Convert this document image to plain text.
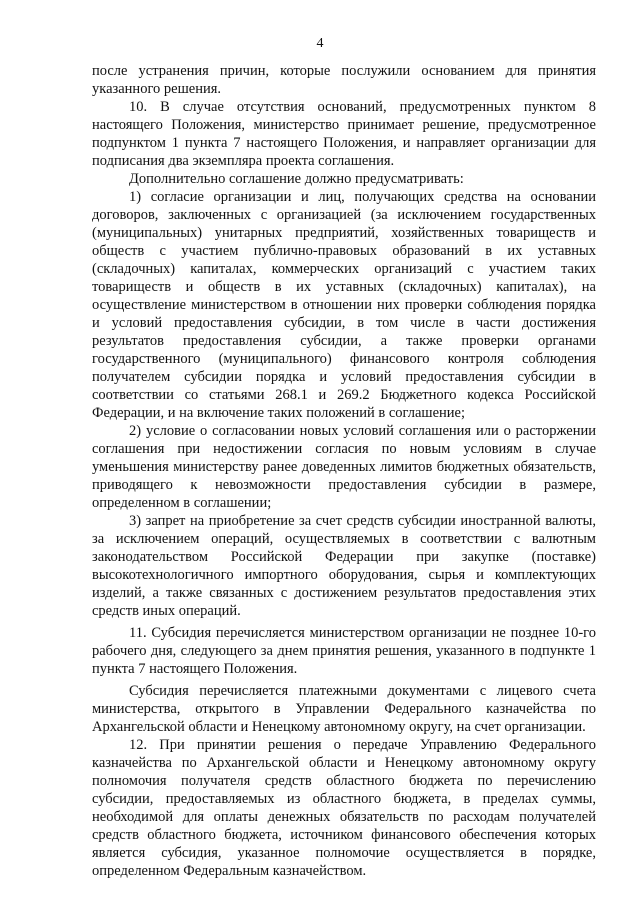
4

после устранения причин, которые послужили основанием для принятия указанного решения.

10. В случае отсутствия оснований, предусмотренных пунктом 8 настоящего Положения, министерство принимает решение, предусмотренное подпунктом 1 пункта 7 настоящего Положения, и направляет организации для подписания два экземпляра проекта соглашения.

Дополнительно соглашение должно предусматривать:

1) согласие организации и лиц, получающих средства на основании договоров, заключенных с организацией (за исключением государственных (муниципальных) унитарных предприятий, хозяйственных товариществ и обществ с участием публично-правовых образований в их уставных (складочных) капиталах, коммерческих организаций с участием таких товариществ и обществ в их уставных (складочных) капиталах), на осуществление министерством в отношении них проверки соблюдения порядка и условий предоставления субсидии, в том числе в части достижения результатов предоставления субсидии, а также проверки органами государственного (муниципального) финансового контроля соблюдения получателем субсидии порядка и условий предоставления субсидии в соответствии со статьями 268.1 и 269.2 Бюджетного кодекса Российской Федерации, и на включение таких положений в соглашение;

2) условие о согласовании новых условий соглашения или о расторжении соглашения при недостижении согласия по новым условиям в случае уменьшения министерству ранее доведенных лимитов бюджетных обязательств, приводящего к невозможности предоставления субсидии в размере, определенном в соглашении;

3) запрет на приобретение за счет средств субсидии иностранной валюты, за исключением операций, осуществляемых в соответствии с валютным законодательством Российской Федерации при закупке (поставке) высокотехнологичного импортного оборудования, сырья и комплектующих изделий, а также связанных с достижением результатов предоставления этих средств иных операций.

11. Субсидия перечисляется министерством организации не позднее 10-го рабочего дня, следующего за днем принятия решения, указанного в подпункте 1 пункта 7 настоящего Положения.

Субсидия перечисляется платежными документами с лицевого счета министерства, открытого в Управлении Федерального казначейства по Архангельской области и Ненецкому автономному округу, на счет организации.

12. При принятии решения о передаче Управлению Федерального казначейства по Архангельской области и Ненецкому автономному округу полномочия получателя средств областного бюджета по перечислению субсидии, предоставляемых из областного бюджета, в пределах суммы, необходимой для оплаты денежных обязательств по расходам получателей средств областного бюджета, источником финансового обеспечения которых является субсидия, указанное полномочие осуществляется в порядке, определенном Федеральным казначейством.
